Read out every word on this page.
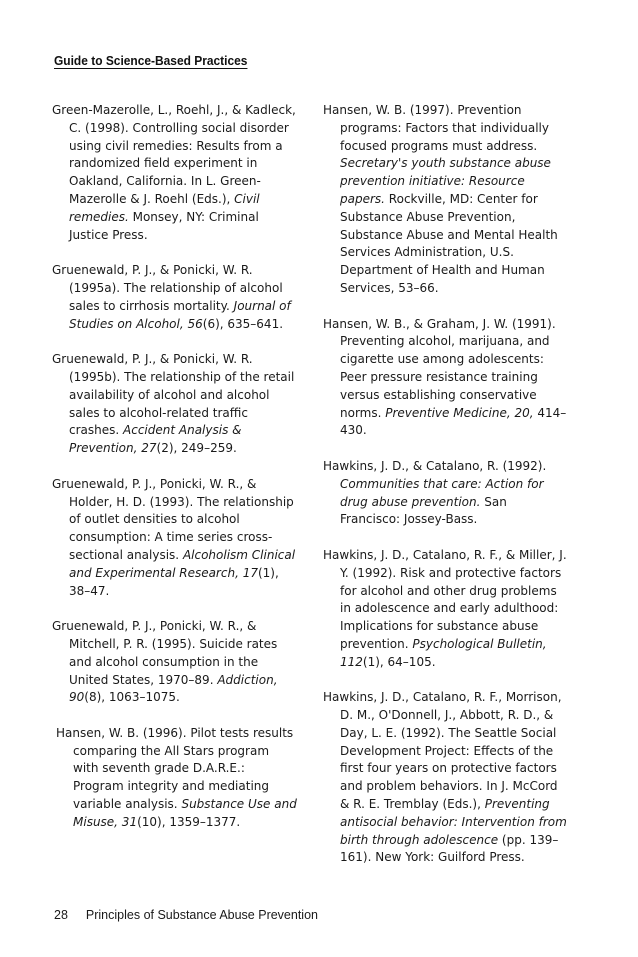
Guide to Science-Based Practices

Green-Mazerolle, L., Roehl, J., & Kadleck, C. (1998). Controlling social disorder using civil remedies: Results from a randomized field experiment in Oakland, California. In L. Green-Mazerolle & J. Roehl (Eds.), Civil remedies. Monsey, NY: Criminal Justice Press.

Gruenewald, P. J., & Ponicki, W. R. (1995a). The relationship of alcohol sales to cirrhosis mortality. Journal of Studies on Alcohol, 56(6), 635–641.

Gruenewald, P. J., & Ponicki, W. R. (1995b). The relationship of the retail availability of alcohol and alcohol sales to alcohol-related traffic crashes. Accident Analysis & Prevention, 27(2), 249–259.

Gruenewald, P. J., Ponicki, W. R., & Holder, H. D. (1993). The relationship of outlet densities to alcohol consumption: A time series cross-sectional analysis. Alcoholism Clinical and Experimental Research, 17(1), 38–47.

Gruenewald, P. J., Ponicki, W. R., & Mitchell, P. R. (1995). Suicide rates and alcohol consumption in the United States, 1970–89. Addiction, 90(8), 1063–1075.

Hansen, W. B. (1996). Pilot tests results comparing the All Stars program with seventh grade D.A.R.E.: Program integrity and mediating variable analysis. Substance Use and Misuse, 31(10), 1359–1377.

Hansen, W. B. (1997). Prevention programs: Factors that individually focused programs must address. Secretary's youth substance abuse prevention initiative: Resource papers. Rockville, MD: Center for Substance Abuse Prevention, Substance Abuse and Mental Health Services Administration, U.S. Department of Health and Human Services, 53–66.

Hansen, W. B., & Graham, J. W. (1991). Preventing alcohol, marijuana, and cigarette use among adolescents: Peer pressure resistance training versus establishing conservative norms. Preventive Medicine, 20, 414–430.

Hawkins, J. D., & Catalano, R. (1992). Communities that care: Action for drug abuse prevention. San Francisco: Jossey-Bass.

Hawkins, J. D., Catalano, R. F., & Miller, J. Y. (1992). Risk and protective factors for alcohol and other drug problems in adolescence and early adulthood: Implications for substance abuse prevention. Psychological Bulletin, 112(1), 64–105.

Hawkins, J. D., Catalano, R. F., Morrison, D. M., O'Donnell, J., Abbott, R. D., & Day, L. E. (1992). The Seattle Social Development Project: Effects of the first four years on protective factors and problem behaviors. In J. McCord & R. E. Tremblay (Eds.), Preventing antisocial behavior: Intervention from birth through adolescence (pp. 139–161). New York: Guilford Press.

28 Principles of Substance Abuse Prevention
